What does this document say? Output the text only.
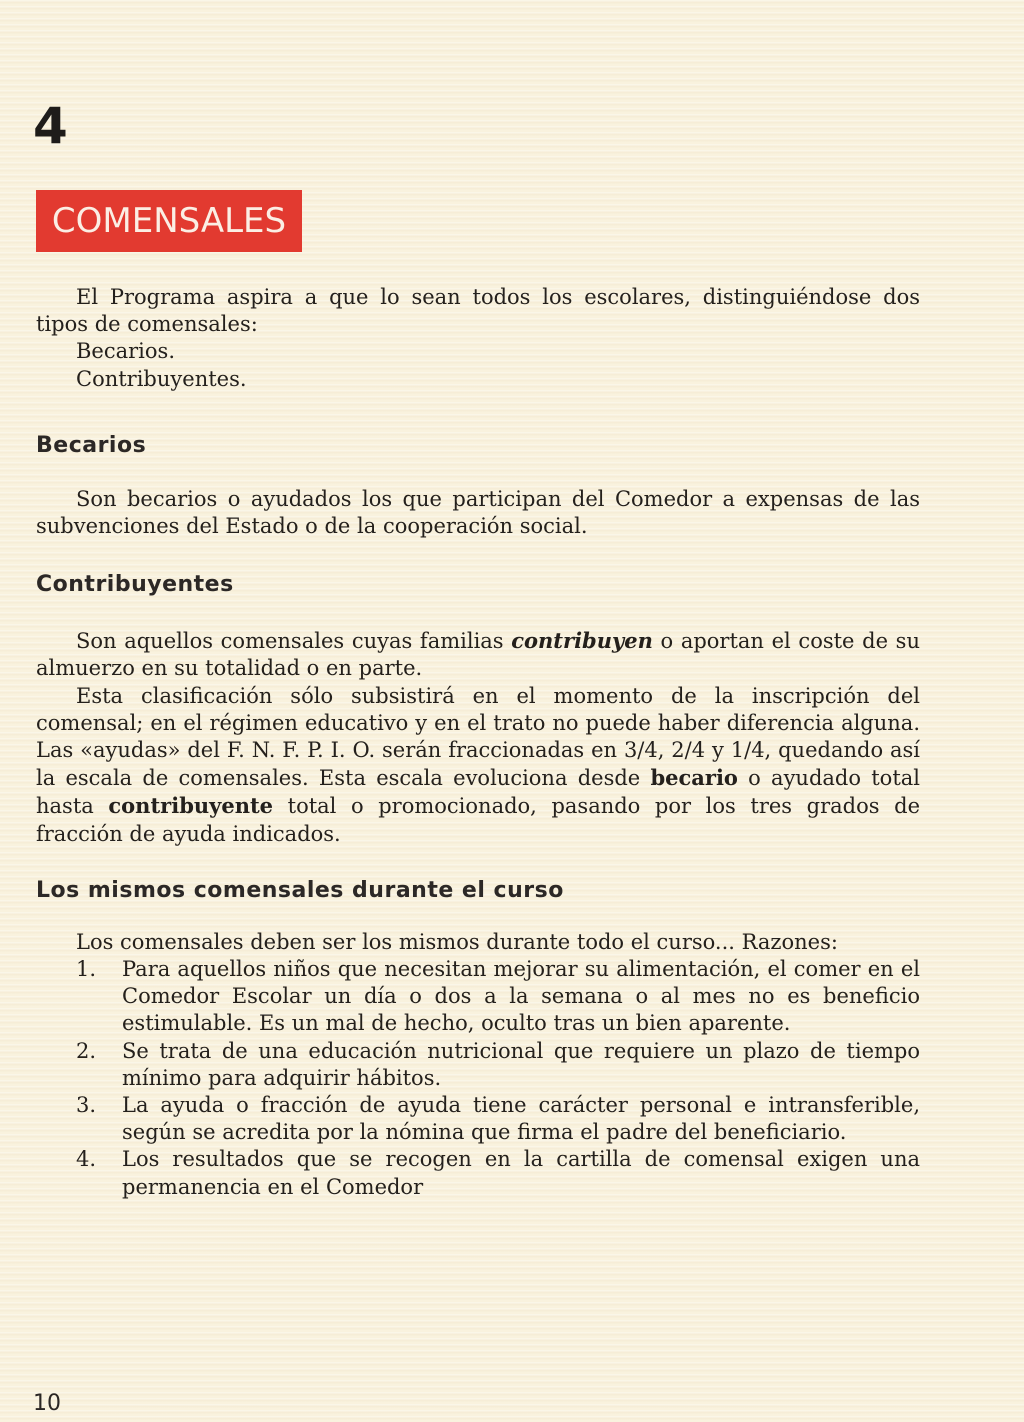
4
COMENSALES

El Programa aspira a que lo sean todos los escolares, distinguiéndose dos tipos de comensales:

Becarios.

Contribuyentes.

Becarios

Son becarios o ayudados los que participan del Comedor a expensas de las subvenciones del Estado o de la cooperación social.

Contribuyentes

Son aquellos comensales cuyas familias contribuyen o aportan el coste de su almuerzo en su totalidad o en parte.

Esta clasificación sólo subsistirá en el momento de la inscripción del comensal; en el régimen educativo y en el trato no puede haber diferencia alguna. Las «ayudas» del F. N. F. P. I. O. serán fraccionadas en 3/4, 2/4 y 1/4, quedando así la escala de comensales. Esta escala evoluciona desde becario o ayudado total hasta contribuyente total o promocionado, pasando por los tres grados de fracción de ayuda indicados.

Los mismos comensales durante el curso

Los comensales deben ser los mismos durante todo el curso... Razones:

1. Para aquellos niños que necesitan mejorar su alimentación, el comer en el Comedor Escolar un día o dos a la semana o al mes no es beneficio estimulable. Es un mal de hecho, oculto tras un bien aparente.
2. Se trata de una educación nutricional que requiere un plazo de tiempo mínimo para adquirir hábitos.
3. La ayuda o fracción de ayuda tiene carácter personal e intransferible, según se acredita por la nómina que firma el padre del beneficiario.
4. Los resultados que se recogen en la cartilla de comensal exigen una permanencia en el Comedor
10
